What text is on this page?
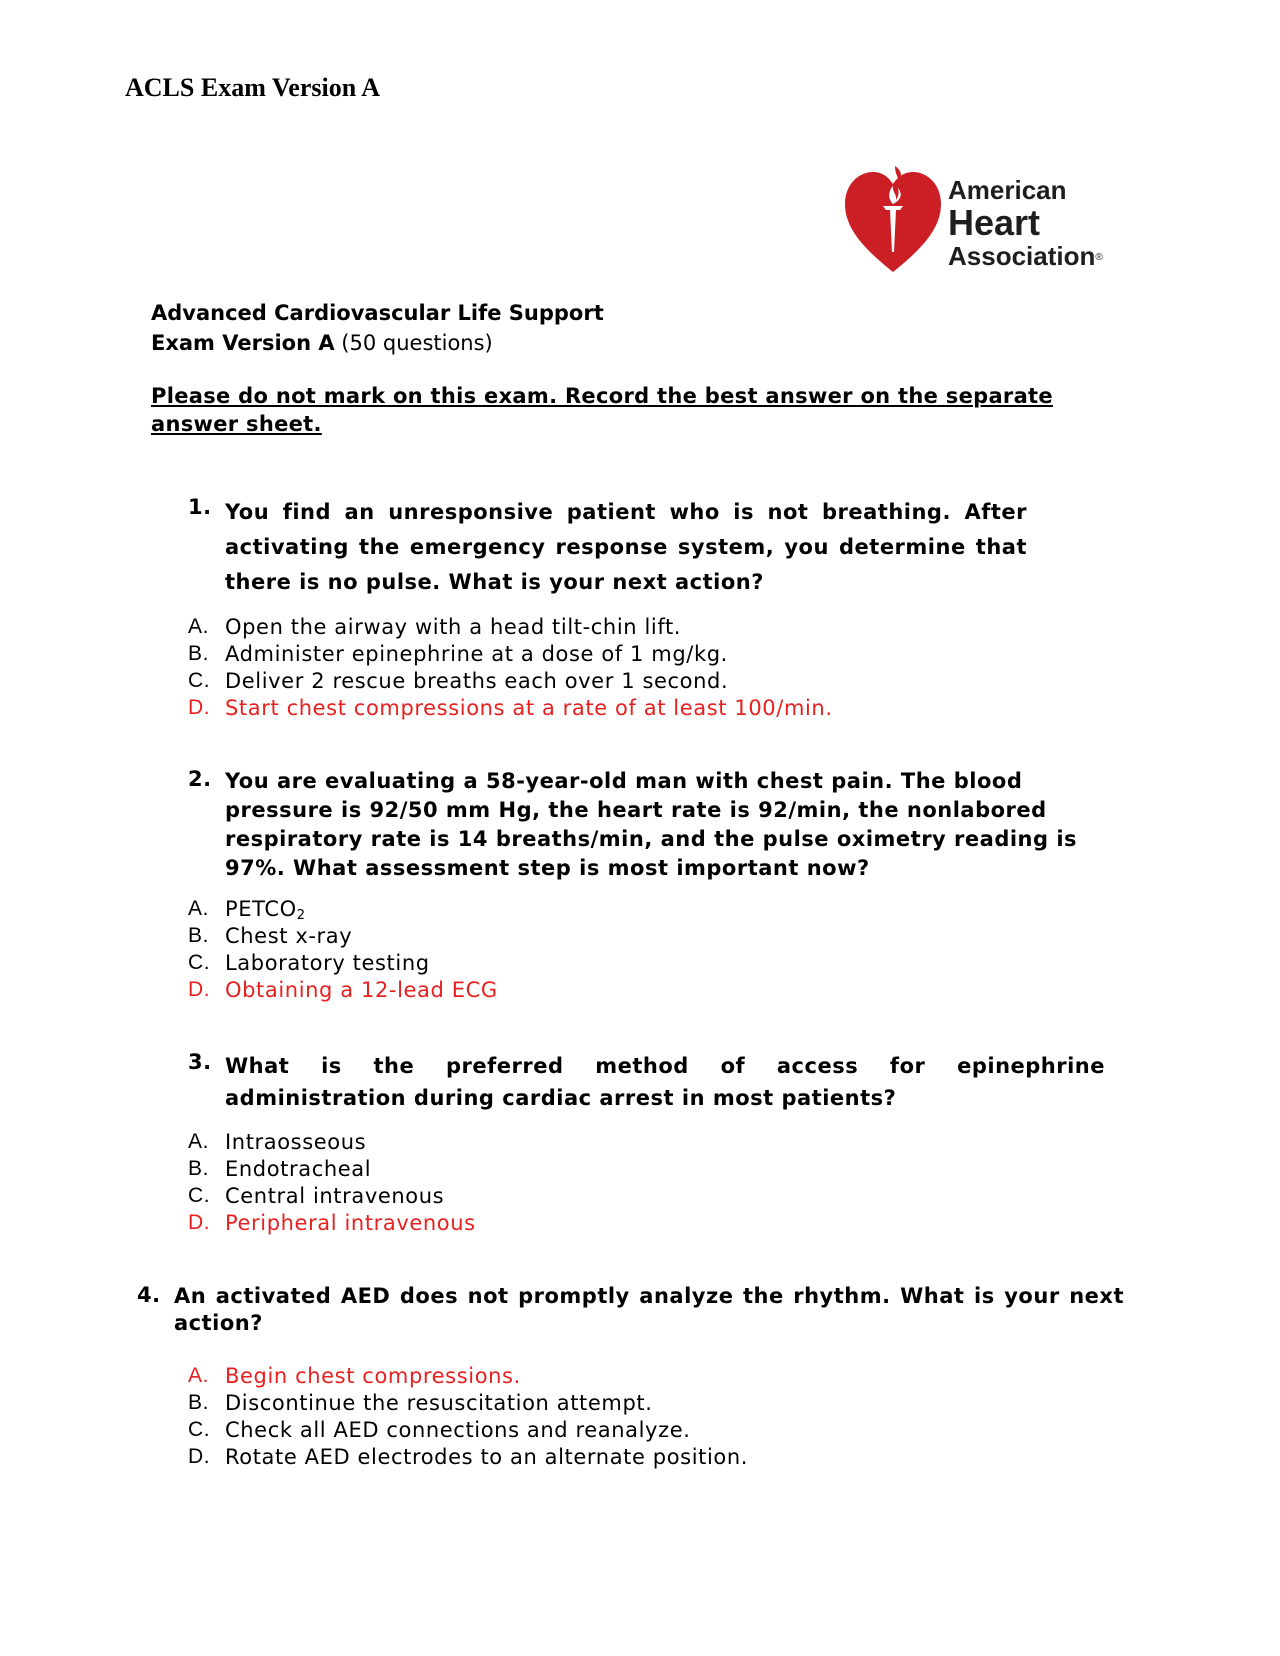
ACLS Exam Version A
American
Heart
Association®
Advanced Cardiovascular Life Support
Exam Version A (50 questions)
Please do not mark on this exam. Record the best answer on the separate answer sheet.
1. You find an unresponsive patient who is not breathing. After activating the emergency response system, you determine that there is no pulse. What is your next action?
A. Open the airway with a head tilt-chin lift.
B. Administer epinephrine at a dose of 1 mg/kg.
C. Deliver 2 rescue breaths each over 1 second.
D. Start chest compressions at a rate of at least 100/min.
2. You are evaluating a 58-year-old man with chest pain. The blood pressure is 92/50 mm Hg, the heart rate is 92/min, the nonlabored respiratory rate is 14 breaths/min, and the pulse oximetry reading is 97%. What assessment step is most important now?
A. $PETCO_2$
B. Chest x-ray
C. Laboratory testing
D. Obtaining a 12-lead ECG
3. What is the preferred method of access for epinephrine
administration during cardiac arrest in most patients?
A. Intraosseous
B. Endotracheal
C. Central intravenous
D. Peripheral intravenous
4. An activated AED does not promptly analyze the rhythm. What is your next action?
A. Begin chest compressions.
B. Discontinue the resuscitation attempt.
C. Check all AED connections and reanalyze.
D. Rotate AED electrodes to an alternate position.
